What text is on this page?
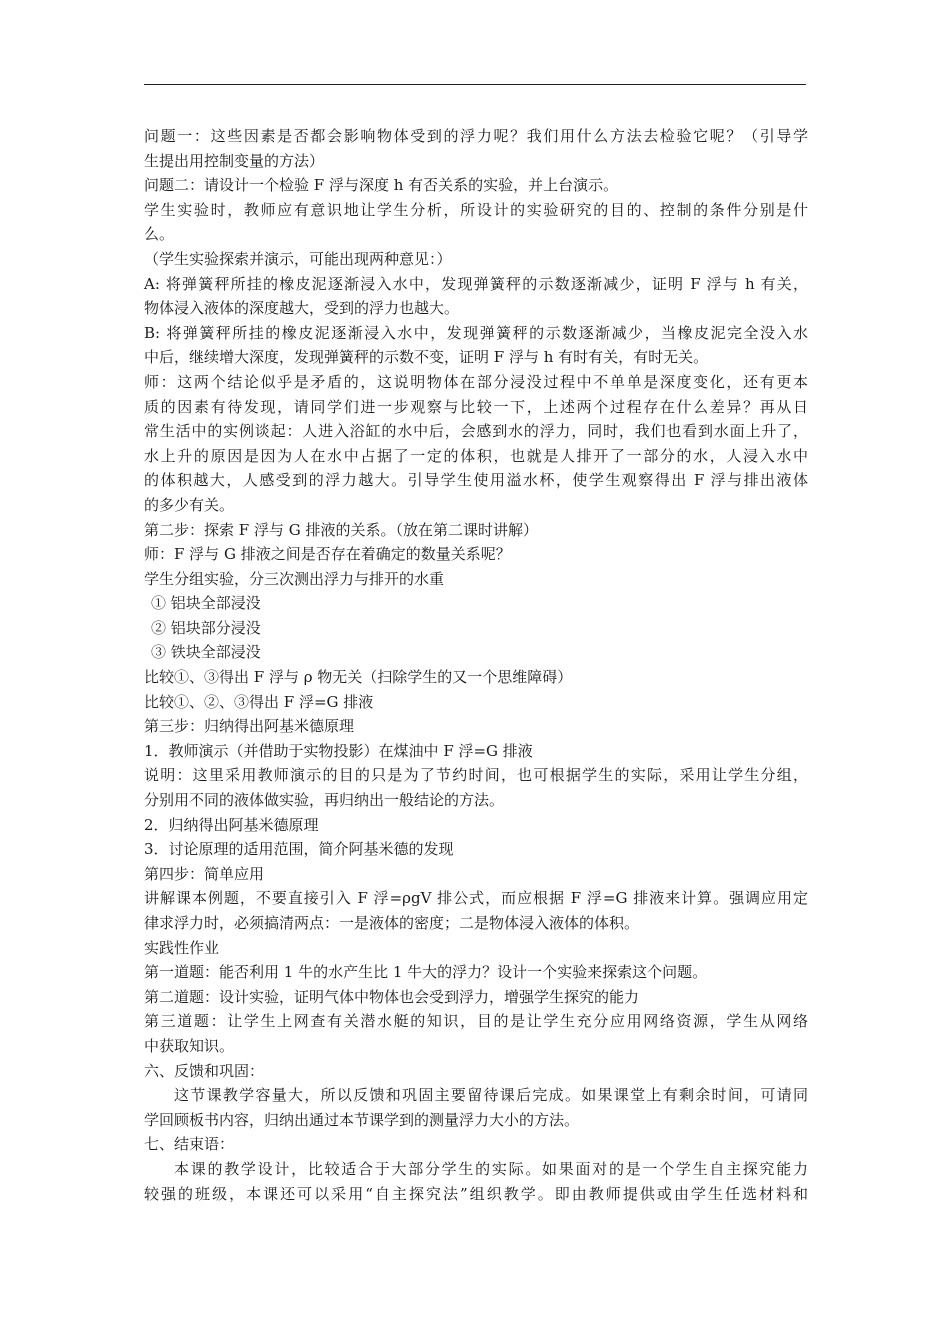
问题一：这些因素是否都会影响物体受到的浮力呢？我们用什么方法去检验它呢？（引导学
生提出用控制变量的方法）
问题二：请设计一个检验 F 浮与深度 h 有否关系的实验，并上台演示。
学生实验时，教师应有意识地让学生分析，所设计的实验研究的目的、控制的条件分别是什
么。
（学生实验探索并演示，可能出现两种意见：）
A: 将弹簧秤所挂的橡皮泥逐渐浸入水中，发现弹簧秤的示数逐渐减少，证明 F 浮与 h 有关，
物体浸入液体的深度越大，受到的浮力也越大。
B: 将弹簧秤所挂的橡皮泥逐渐浸入水中，发现弹簧秤的示数逐渐减少，当橡皮泥完全没入水
中后，继续增大深度，发现弹簧秤的示数不变，证明 F 浮与 h 有时有关，有时无关。
师：这两个结论似乎是矛盾的，这说明物体在部分浸没过程中不单单是深度变化，还有更本
质的因素有待发现，请同学们进一步观察与比较一下，上述两个过程存在什么差异？再从日
常生活中的实例谈起：人进入浴缸的水中后，会感到水的浮力，同时，我们也看到水面上升了，
水上升的原因是因为人在水中占据了一定的体积，也就是人排开了一部分的水，人浸入水中
的体积越大，人感受到的浮力越大。引导学生使用溢水杯，使学生观察得出 F 浮与排出液体
的多少有关。
第二步：探索 F 浮与 G 排液的关系。（放在第二课时讲解）
师：F 浮与 G 排液之间是否存在着确定的数量关系呢？
学生分组实验，分三次测出浮力与排开的水重
① 铝块全部浸没
② 铝块部分浸没
③ 铁块全部浸没
比较①、③得出 F 浮与 ρ 物无关（扫除学生的又一个思维障碍）
比较①、②、③得出 F 浮=G 排液
第三步：归纳得出阿基米德原理
1．教师演示（并借助于实物投影）在煤油中 F 浮=G 排液
说明：这里采用教师演示的目的只是为了节约时间，也可根据学生的实际，采用让学生分组，
分别用不同的液体做实验，再归纳出一般结论的方法。
2．归纳得出阿基米德原理
3．讨论原理的适用范围，简介阿基米德的发现
第四步：简单应用
讲解课本例题，不要直接引入 F 浮=ρgV 排公式，而应根据 F 浮=G 排液来计算。强调应用定
律求浮力时，必须搞清两点：一是液体的密度；二是物体浸入液体的体积。
实践性作业
第一道题：能否利用 1 牛的水产生比 1 牛大的浮力？设计一个实验来探索这个问题。
第二道题：设计实验，证明气体中物体也会受到浮力，增强学生探究的能力
第三道题：让学生上网查有关潜水艇的知识，目的是让学生充分应用网络资源，学生从网络
中获取知识。
六、反馈和巩固：
这节课教学容量大，所以反馈和巩固主要留待课后完成。如果课堂上有剩余时间，可请同
学回顾板书内容，归纳出通过本节课学到的测量浮力大小的方法。
七、结束语：
本课的教学设计，比较适合于大部分学生的实际。如果面对的是一个学生自主探究能力
较强的班级，本课还可以采用“自主探究法”组织教学。即由教师提供或由学生任选材料和
